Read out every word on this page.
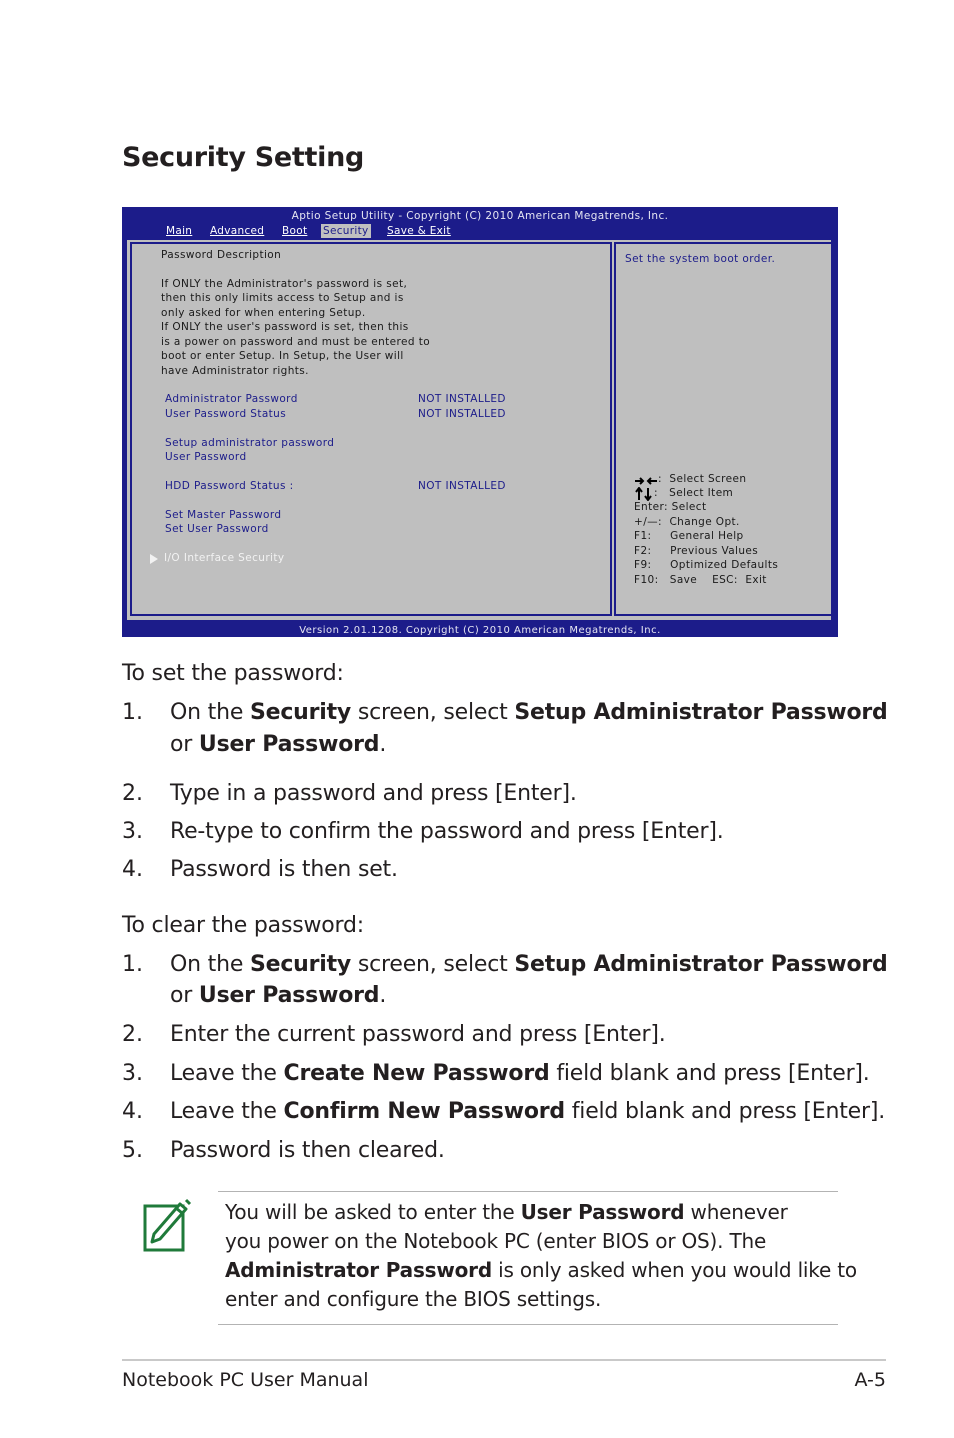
Security Setting
Aptio Setup Utility - Copyright (C) 2010 American Megatrends, Inc.
Main Advanced Boot Security Save & Exit
Password Description
If ONLY the Administrator's password is set,
then this only limits access to Setup and is
only asked for when entering Setup.
If ONLY the user's password is set, then this
is a power on password and must be entered to
boot or enter Setup. In Setup, the User will
have Administrator rights.
Administrator Password	NOT INSTALLED
User Password Status	NOT INSTALLED
Setup administrator password
User Password
HDD Password Status :	NOT INSTALLED
Set Master Password
Set User Password
I/O Interface Security
Set the system boot order.
:  Select Screen
:   Select Item
Enter: Select
+/—:  Change Opt.
F1:     General Help
F2:     Previous Values
F9:     Optimized Defaults
F10:   Save    ESC:  Exit
Version 2.01.1208. Copyright (C) 2010 American Megatrends, Inc.
To set the password:
1. On the Security screen, select Setup Administrator Password
or User Password.
2. Type in a password and press [Enter].
3. Re-type to confirm the password and press [Enter].
4. Password is then set.
To clear the password:
1. On the Security screen, select Setup Administrator Password
or User Password.
2. Enter the current password and press [Enter].
3. Leave the Create New Password field blank and press [Enter].
4. Leave the Confirm New Password field blank and press [Enter].
5. Password is then cleared.
You will be asked to enter the User Password whenever
you power on the Notebook PC (enter BIOS or OS). The
Administrator Password is only asked when you would like to
enter and configure the BIOS settings.
Notebook PC User Manual	A-5
